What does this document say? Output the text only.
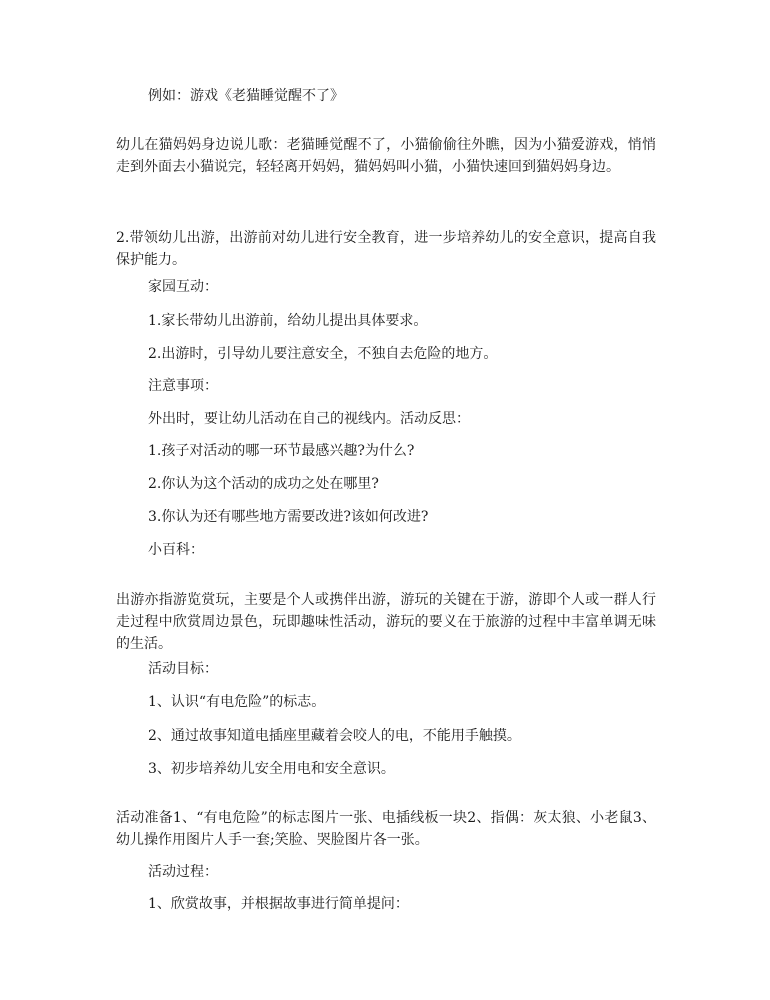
例如：游戏《老猫睡觉醒不了》

幼儿在猫妈妈身边说儿歌：老猫睡觉醒不了，小猫偷偷往外瞧，因为小猫爱游戏，悄悄走到外面去小猫说完，轻轻离开妈妈，猫妈妈叫小猫，小猫快速回到猫妈妈身边。

2.带领幼儿出游，出游前对幼儿进行安全教育，进一步培养幼儿的安全意识，提高自我保护能力。

家园互动：

1.家长带幼儿出游前，给幼儿提出具体要求。

2.出游时，引导幼儿要注意安全，不独自去危险的地方。

注意事项：

外出时，要让幼儿活动在自己的视线内。活动反思：

1.孩子对活动的哪一环节最感兴趣?为什么?

2.你认为这个活动的成功之处在哪里?

3.你认为还有哪些地方需要改进?该如何改进?

小百科：

出游亦指游览赏玩，主要是个人或携伴出游，游玩的关键在于游，游即个人或一群人行走过程中欣赏周边景色，玩即趣味性活动，游玩的要义在于旅游的过程中丰富单调无味的生活。

活动目标：

1、认识“有电危险”的标志。

2、通过故事知道电插座里藏着会咬人的电，不能用手触摸。

3、初步培养幼儿安全用电和安全意识。

活动准备1、“有电危险”的标志图片一张、电插线板一块2、指偶：灰太狼、小老鼠3、幼儿操作用图片人手一套;笑脸、哭脸图片各一张。

活动过程：

1、欣赏故事，并根据故事进行简单提问：
